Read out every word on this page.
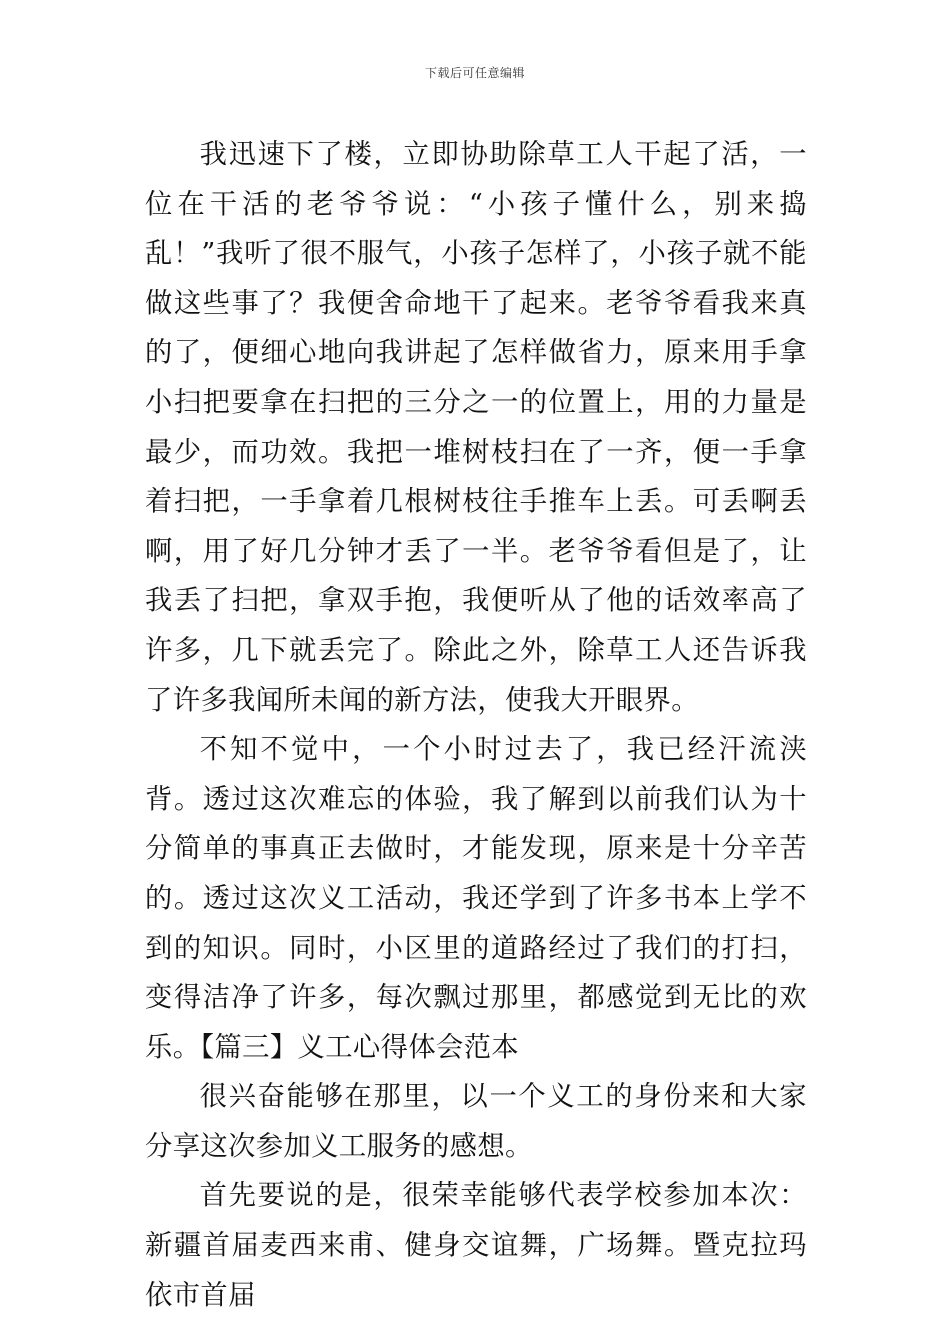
下载后可任意编辑

我迅速下了楼，立即协助除草工人干起了活，一位在干活的老爷爷说：“小孩子懂什么，别来捣乱！”我听了很不服气，小孩子怎样了，小孩子就不能做这些事了？我便舍命地干了起来。老爷爷看我来真的了，便细心地向我讲起了怎样做省力，原来用手拿小扫把要拿在扫把的三分之一的位置上，用的力量是最少，而功效。我把一堆树枝扫在了一齐，便一手拿着扫把，一手拿着几根树枝往手推车上丢。可丢啊丢啊，用了好几分钟才丢了一半。老爷爷看但是了，让我丢了扫把，拿双手抱，我便听从了他的话效率高了许多，几下就丢完了。除此之外，除草工人还告诉我了许多我闻所未闻的新方法，使我大开眼界。

不知不觉中，一个小时过去了，我已经汗流浃背。透过这次难忘的体验，我了解到以前我们认为十分简单的事真正去做时，才能发现，原来是十分辛苦的。透过这次义工活动，我还学到了许多书本上学不到的知识。同时，小区里的道路经过了我们的打扫，变得洁净了许多，每次飘过那里，都感觉到无比的欢乐。【篇三】义工心得体会范本

很兴奋能够在那里，以一个义工的身份来和大家分享这次参加义工服务的感想。

首先要说的是，很荣幸能够代表学校参加本次：新疆首届麦西来甫、健身交谊舞，广场舞。暨克拉玛依市首届
